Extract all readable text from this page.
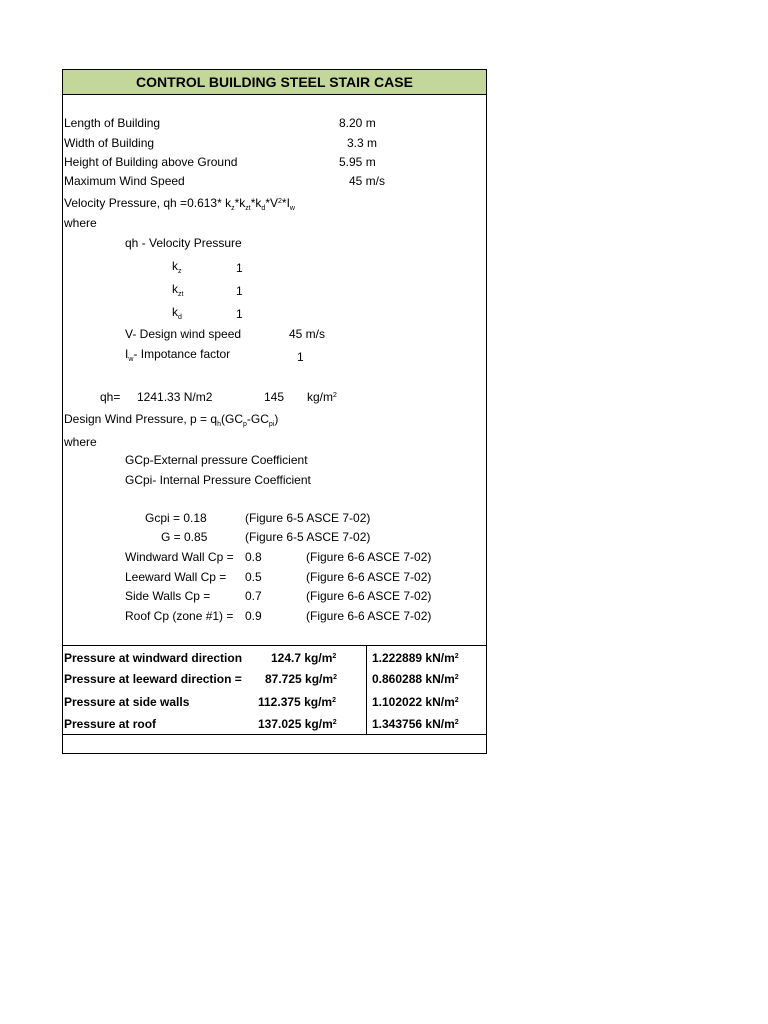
CONTROL BUILDING STEEL STAIR CASE
Length of Building	8.20 m
Width of Building	3.3 m
Height of Building above Ground	5.95 m
Maximum Wind Speed	45 m/s
Velocity Pressure, qh =0.613* $k_z*k_{zt}*k_d*V^2*I_w$
where
qh - Velocity Pressure
$k_z$	1
$k_{zt}$	1
$k_d$	1
V- Design wind speed	45 m/s
$I_w-$ Impotance factor	1
qh= 1241.33 N/m2	145 $kg/m^2$
Design Wind Pressure, $p = q_h(GC_p-GC_{pi})$
where
GCp-External pressure Coefficient
GCpi- Internal Pressure Coefficient
Gcpi = 0.18	(Figure 6-5 ASCE 7-02)
G = 0.85	(Figure 6-5 ASCE 7-02)
Windward Wall Cp = 0.8	(Figure 6-6 ASCE 7-02)
Leeward Wall Cp = 0.5	(Figure 6-6 ASCE 7-02)
Side Walls Cp =	0.7	(Figure 6-6 ASCE 7-02)
Roof Cp (zone #1) = 0.9	(Figure 6-6 ASCE 7-02)
Pressure at windward direction 124.7 $kg/m^2$	1.222889 $kN/m^2$
Pressure at leeward direction = 87.725 $kg/m^2$	0.860288 $kN/m^2$
Pressure at side walls	112.375 $kg/m^2$	1.102022 $kN/m^2$
Pressure at roof	137.025 $kg/m^2$	1.343756 $kN/m^2$
